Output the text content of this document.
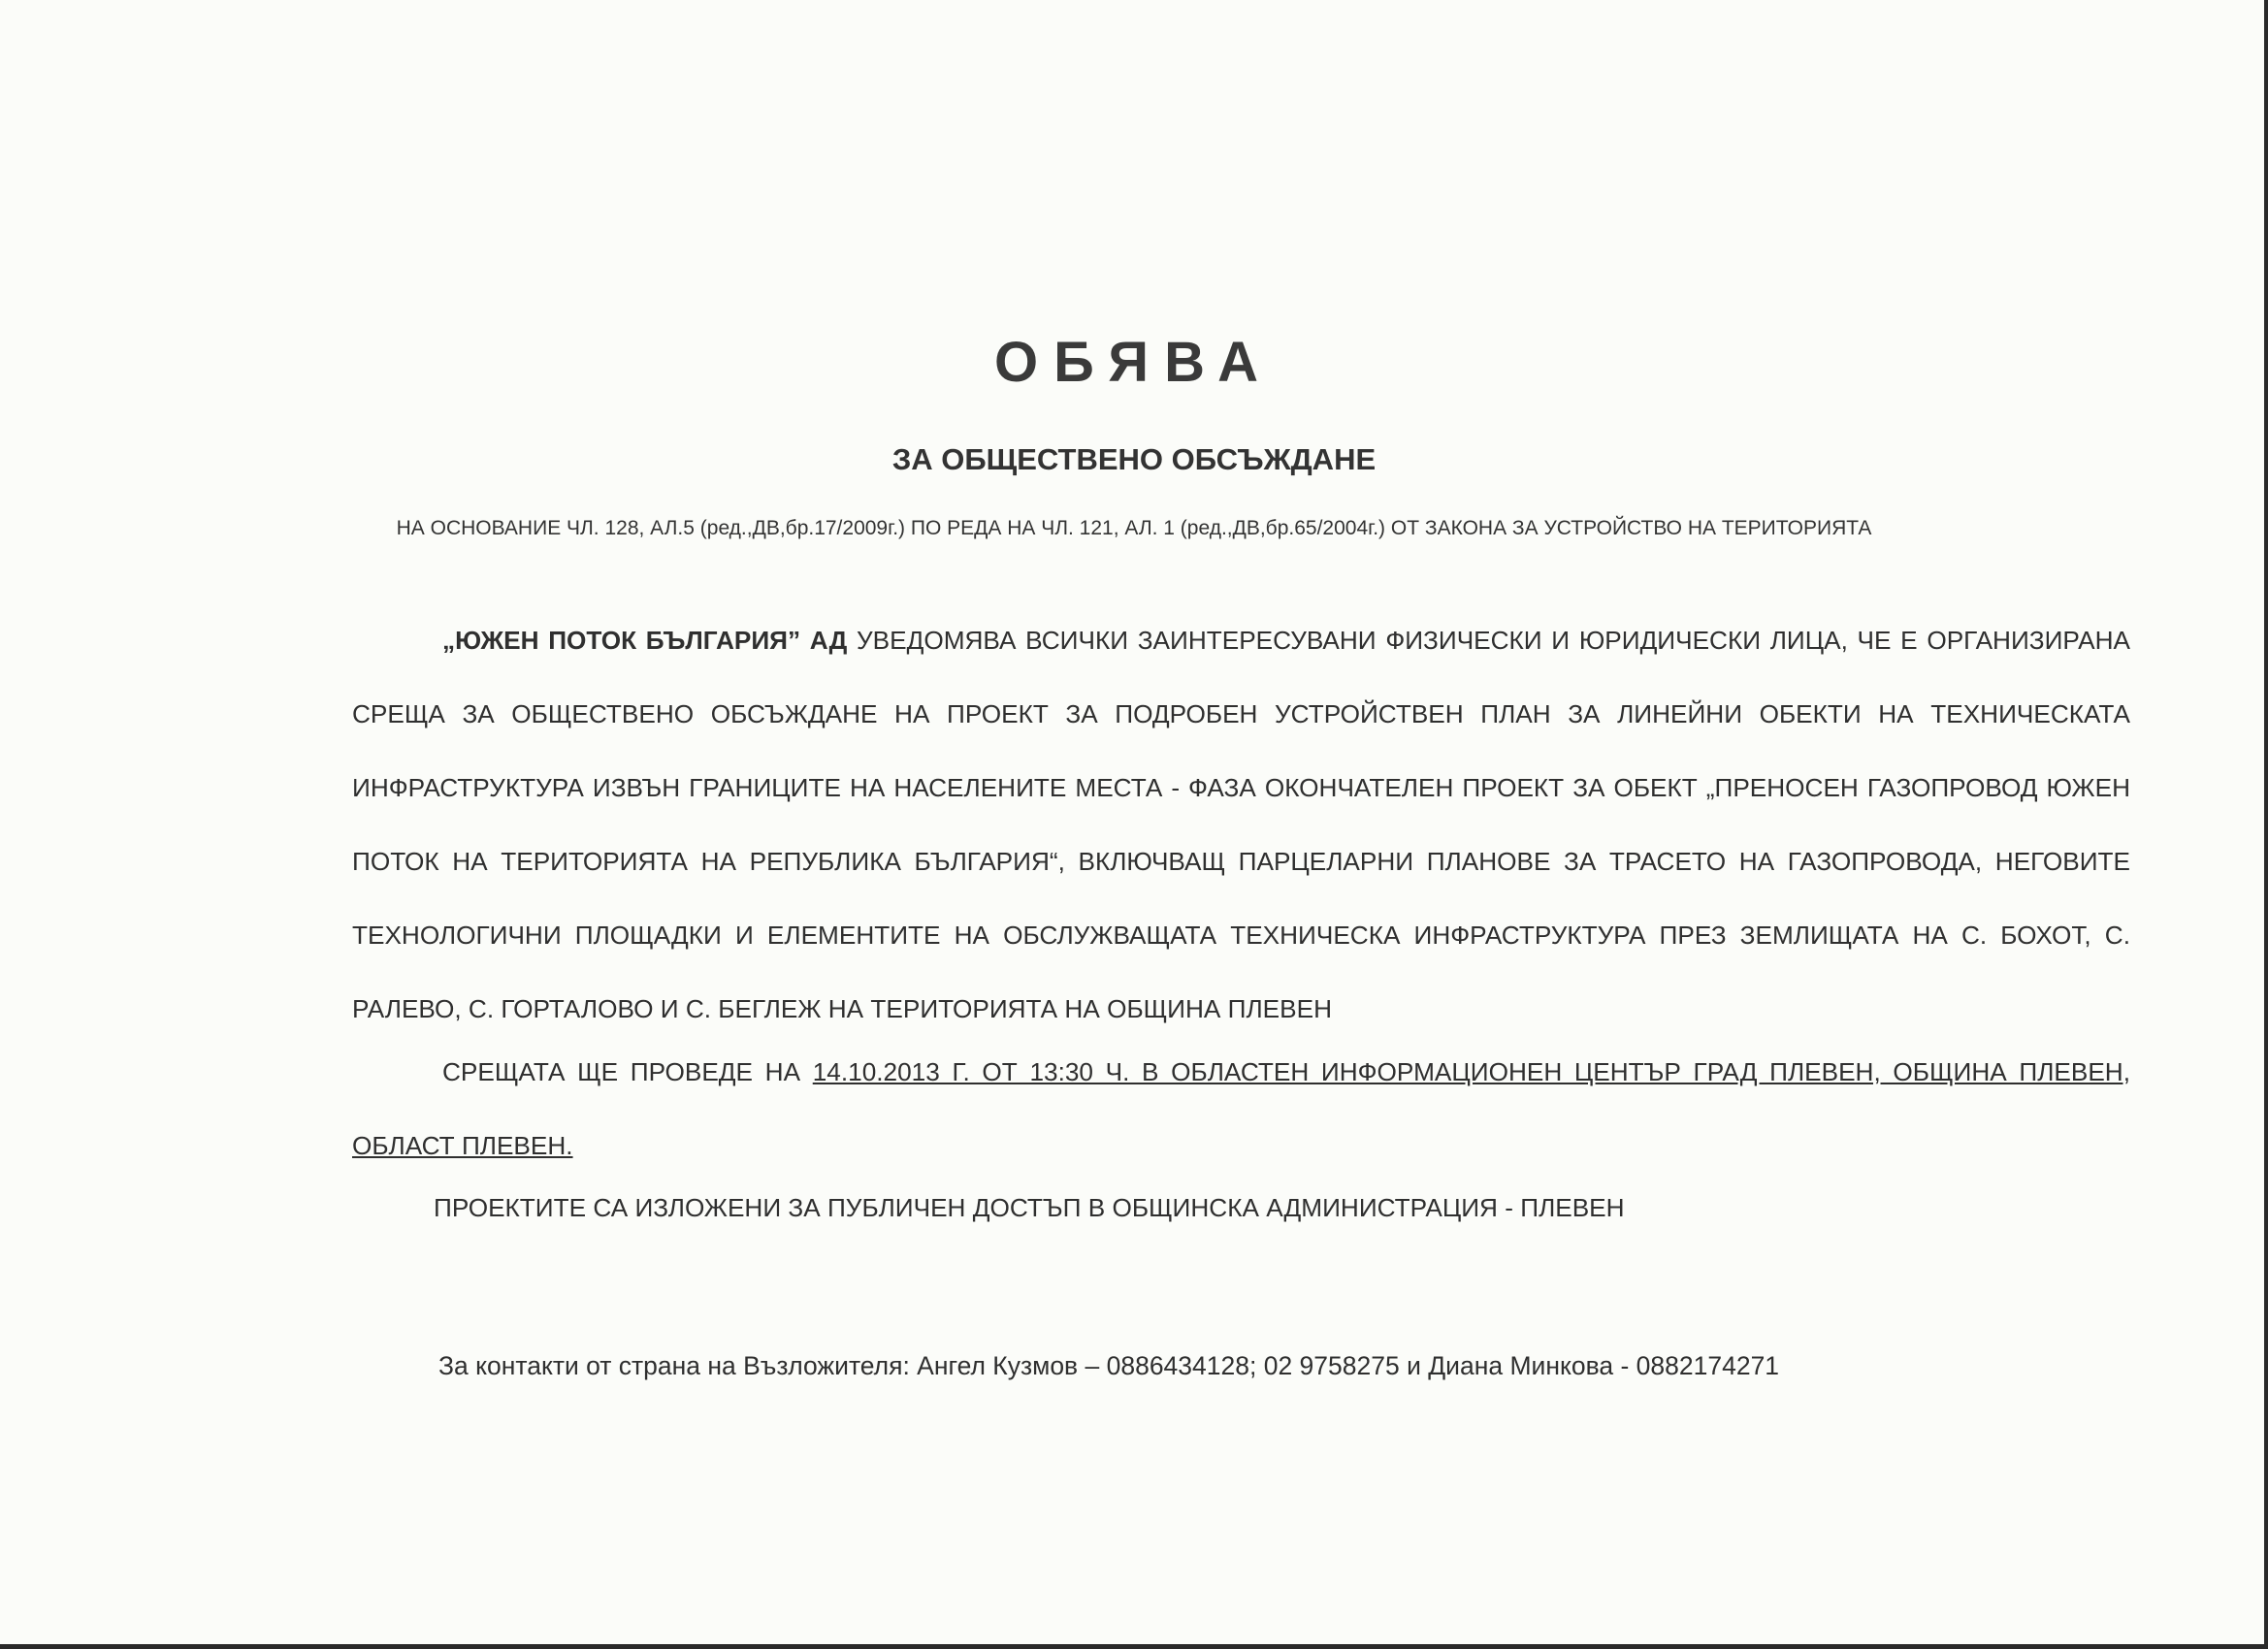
ОБЯВА
ЗА ОБЩЕСТВЕНО ОБСЪЖДАНЕ
НА ОСНОВАНИЕ ЧЛ. 128, АЛ.5 (ред.,ДВ,бр.17/2009г.) ПО РЕДА НА ЧЛ. 121, АЛ. 1 (ред.,ДВ,бр.65/2004г.) ОТ ЗАКОНА ЗА УСТРОЙСТВО НА ТЕРИТОРИЯТА

„ЮЖЕН ПОТОК БЪЛГАРИЯ” АД УВЕДОМЯВА ВСИЧКИ ЗАИНТЕРЕСУВАНИ ФИЗИЧЕСКИ И ЮРИДИЧЕСКИ ЛИЦА, ЧЕ Е ОРГАНИЗИРАНА СРЕЩА ЗА ОБЩЕСТВЕНО ОБСЪЖДАНЕ НА ПРОЕКТ ЗА ПОДРОБЕН УСТРОЙСТВЕН ПЛАН ЗА ЛИНЕЙНИ ОБЕКТИ НА ТЕХНИЧЕСКАТА ИНФРАСТРУКТУРА ИЗВЪН ГРАНИЦИТЕ НА НАСЕЛЕНИТЕ МЕСТА - ФАЗА ОКОНЧАТЕЛЕН ПРОЕКТ ЗА ОБЕКТ „ПРЕНОСЕН ГАЗОПРОВОД ЮЖЕН ПОТОК НА ТЕРИТОРИЯТА НА РЕПУБЛИКА БЪЛГАРИЯ“, ВКЛЮЧВАЩ ПАРЦЕЛАРНИ ПЛАНОВЕ ЗА ТРАСЕТО НА ГАЗОПРОВОДА, НЕГОВИТЕ ТЕХНОЛОГИЧНИ ПЛОЩАДКИ И ЕЛЕМЕНТИТЕ НА ОБСЛУЖВАЩАТА ТЕХНИЧЕСКА ИНФРАСТРУКТУРА ПРЕЗ ЗЕМЛИЩАТА НА С. БОХОТ, С. РАЛЕВО, С. ГОРТАЛОВО И С. БЕГЛЕЖ НА ТЕРИТОРИЯТА НА ОБЩИНА ПЛЕВЕН

СРЕЩАТА ЩЕ ПРОВЕДЕ НА 14.10.2013 Г. ОТ 13:30 Ч. В ОБЛАСТЕН ИНФОРМАЦИОНЕН ЦЕНТЪР ГРАД ПЛЕВЕН, ОБЩИНА ПЛЕВЕН, ОБЛАСТ ПЛЕВЕН.

ПРОЕКТИТЕ СА ИЗЛОЖЕНИ ЗА ПУБЛИЧЕН ДОСТЪП В ОБЩИНСКА АДМИНИСТРАЦИЯ - ПЛЕВЕН
За контакти от страна на Възложителя: Ангел Кузмов – 0886434128; 02 9758275 и Диана Минкова - 0882174271
